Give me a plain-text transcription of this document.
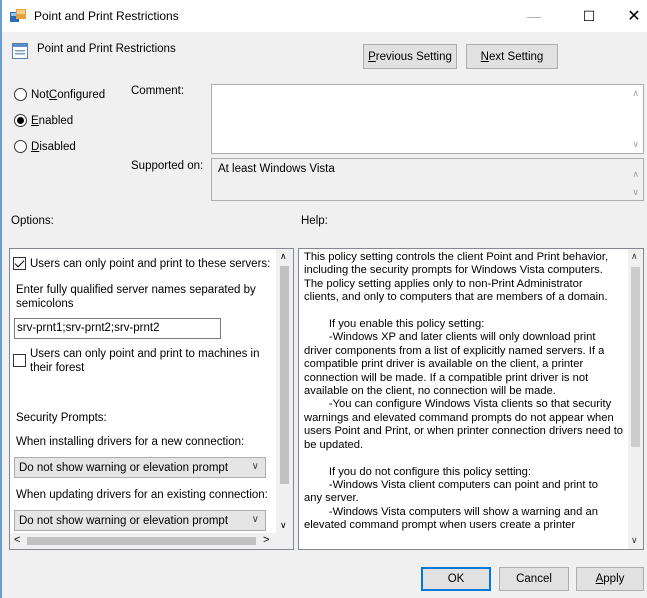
Point and Print Restrictions	—	☐	✕
Point and Print Restrictions
P revious Setting	N ext Setting
Not C onfigured
E nabled
D isabled
Comment:	∧
∨
Supported on: At least Windows Vista	∧
∨
Options:	Help:
Users can only point and print to these servers:
Enter fully qualified server names separated by semicolons
srv-prnt1;srv-prnt2;srv-prnt2
Users can only point and print to machines in their forest
Security Prompts:
When installing drivers for a new connection:
Do not show warning or elevation prompt ∨
When updating drivers for an existing connection:
Do not show warning or elevation prompt ∨
∧
∨
<	>
This policy setting controls the client Point and Print behavior,
including the security prompts for Windows Vista computers.
The policy setting applies only to non-Print Administrator
clients, and only to computers that are members of a domain.

If you enable this policy setting:
-Windows XP and later clients will only download print
driver components from a list of explicitly named servers. If a
compatible print driver is available on the client, a printer
connection will be made. If a compatible print driver is not
available on the client, no connection will be made.
-You can configure Windows Vista clients so that security
warnings and elevated command prompts do not appear when
users Point and Print, or when printer connection drivers need to
be updated.

If you do not configure this policy setting:
-Windows Vista client computers can point and print to
any server.
-Windows Vista computers will show a warning and an
elevated command prompt when users create a printer
∧
∨
OK	Cancel	A pply
